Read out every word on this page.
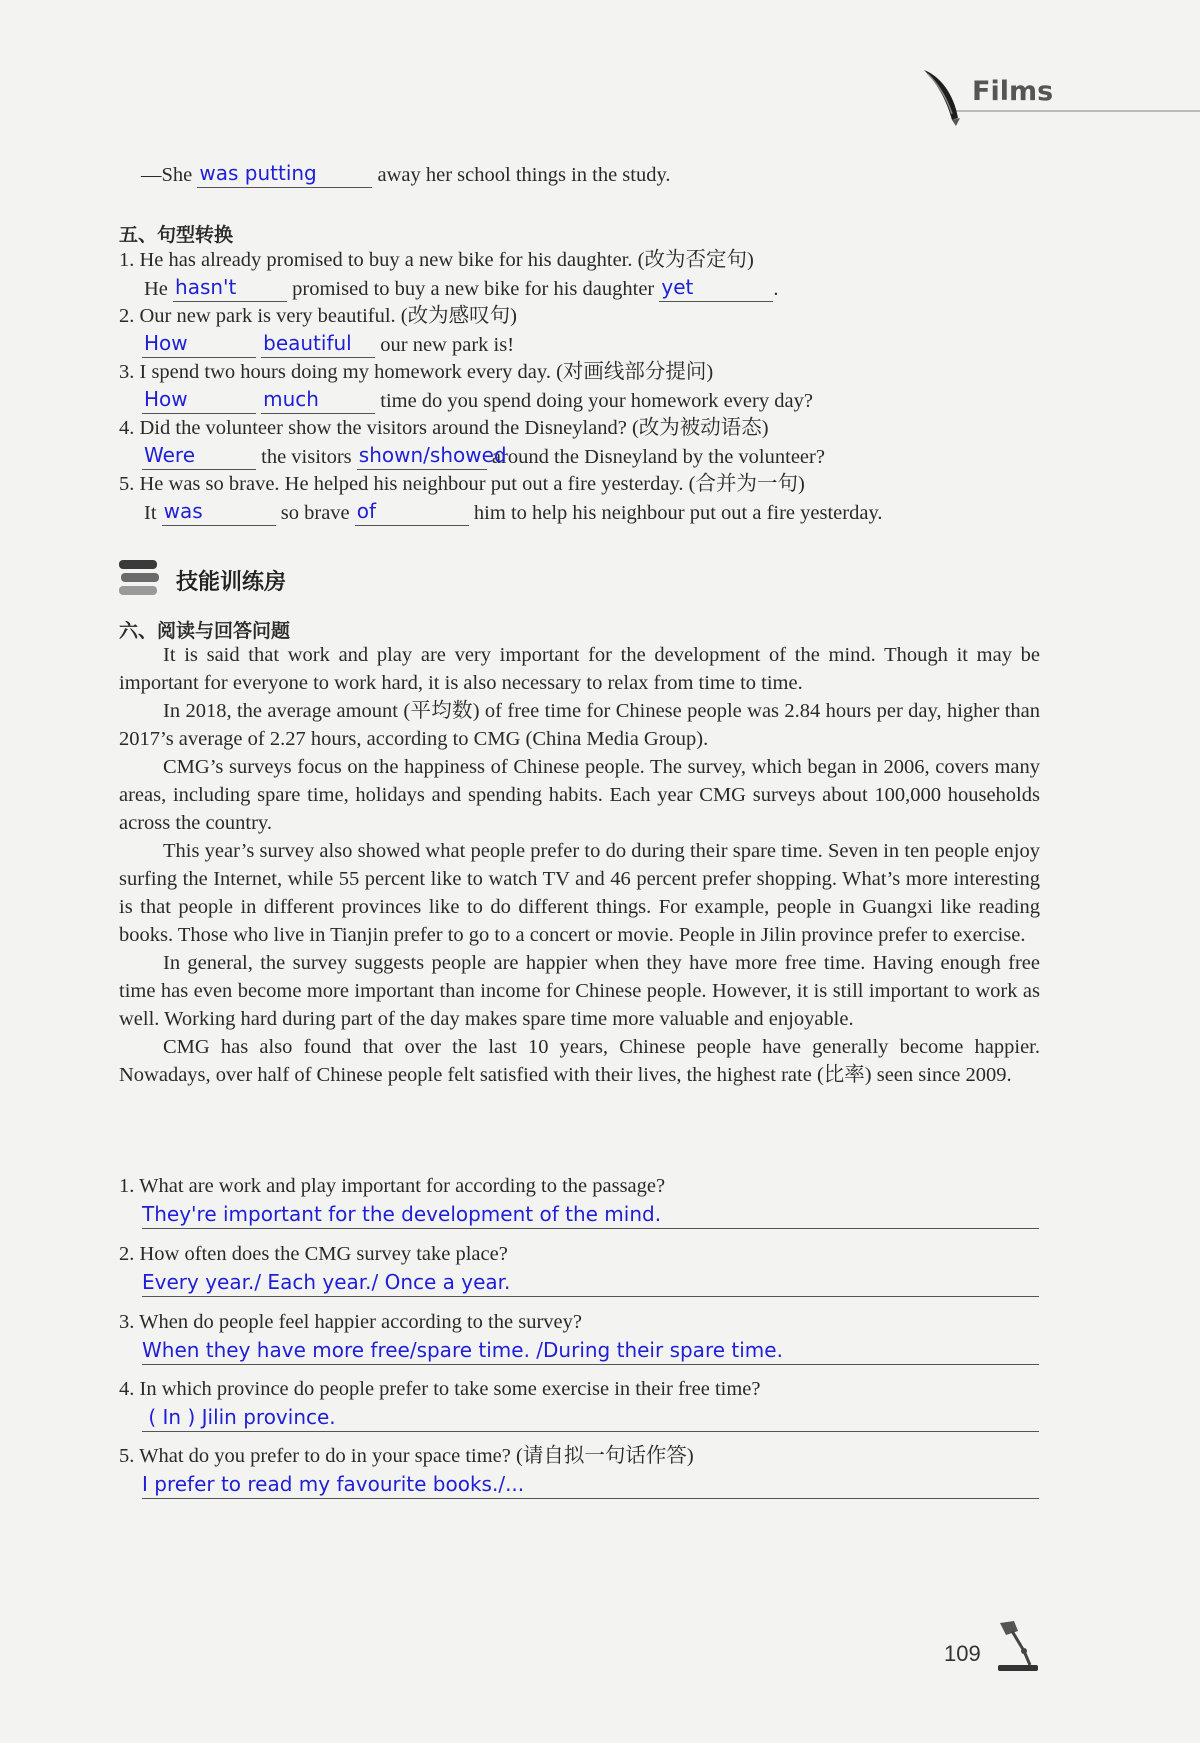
Films
—She was putting	away her school things in the study.
五、句型转换
1. He has already promised to buy a new bike for his daughter. (改为否定句)
He hasn't	promised to buy a new bike for his daughter yet	.
2. Our new park is very beautiful. (改为感叹句)
How
	beautiful our new park is!
3. I spend two hours doing my homework every day. (对画线部分提问)
How
	much	time do you spend doing your homework every day?
4. Did the volunteer show the visitors around the Disneyland? (改为被动语态)
Were	the visitors shown/showed
around the Disneyland by the volunteer?
5. He was so brave. He helped his neighbour put out a fire yesterday. (合并为一句)
It was	so brave of	him to help his neighbour put out a fire yesterday.
技能训练房
六、阅读与回答问题

It is said that work and play are very important for the development of the mind. Though it may be important for everyone to work hard, it is also necessary to relax from time to time.

In 2018, the average amount (平均数) of free time for Chinese people was 2.84 hours per day, higher than 2017’s average of 2.27 hours, according to CMG (China Media Group).

CMG’s surveys focus on the happiness of Chinese people. The survey, which began in 2006, covers many areas, including spare time, holidays and spending habits. Each year CMG surveys about 100,000 households across the country.

This year’s survey also showed what people prefer to do during their spare time. Seven in ten people enjoy surfing the Internet, while 55 percent like to watch TV and 46 percent prefer shopping. What’s more interesting is that people in different provinces like to do different things. For example, people in Guangxi like reading books. Those who live in Tianjin prefer to go to a concert or movie. People in Jilin province prefer to exercise.

In general, the survey suggests people are happier when they have more free time. Having enough free time has even become more important than income for Chinese people. However, it is still important to work as well. Working hard during part of the day makes spare time more valuable and enjoyable.

CMG has also found that over the last 10 years, Chinese people have generally become happier. Nowadays, over half of Chinese people felt satisfied with their lives, the highest rate (比率) seen since 2009.

1. What are work and play important for according to the passage?
They're important for the development of the mind.
2. How often does the CMG survey take place?
Every year./ Each year./ Once a year.
3. When do people feel happier according to the survey?
When they have more free/spare time. /During their spare time.
4. In which province do people prefer to take some exercise in their free time?
( In ) Jilin province.
5. What do you prefer to do in your space time? (请自拟一句话作答)
I prefer to read my favourite books./...
109
